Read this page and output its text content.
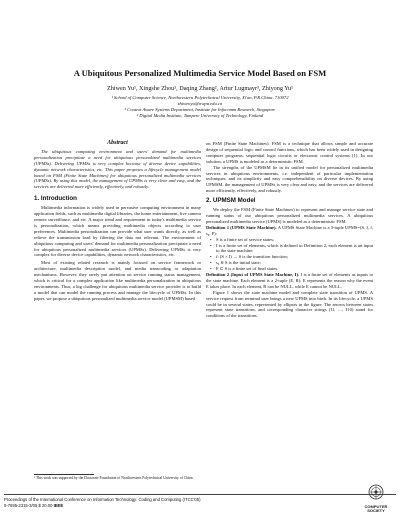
A Ubiquitous Personalized Multimedia Service Model Based on FSM
Zhiwen Yu¹, Xingshe Zhou¹, Daqing Zhang², Artur Lugmayr³, Zhiyong Yu¹
¹ School of Computer Science, Northwestern Polytechnical University, Xi'an, P.R.China, 710072
zhiwenyu@nwpu.edu.cn
² Context Aware Systems Department, Institute for Infocomm Research, Singapore
³ Digital Media Institute, Tampere University of Technology, Finland
Abstract

The ubiquitous computing environment and users' demand for multimedia personalization precipitate a need for ubiquitous personalized multimedia services (UPMSs). Delivering UPMSs is very complex because of diverse device capabilities, dynamic network characteristics, etc. This paper proposes a lifecycle management model based on FSM (Finite State Machines) for ubiquitous personalized multimedia services (UPMSs). By using this model, the management of UPMSs is very clear and easy, and the services are delivered more efficiently, effectively, and robustly.

1. Introduction

Multimedia information is widely used in pervasive computing environment in many application fields, such as multimedia digital libraries, the home entertainment, live camera remote surveillance, and etc. A major trend and requirement in today's multimedia service is personalization, which means providing multimedia objects according to user preferences. Multimedia personalization can provide what user wants directly, as well as relieve the transmission load by filtering the data not relevant. The environment of ubiquitous computing and users' demand for multimedia personalization precipitate a need for ubiquitous personalized multimedia services (UPMSs). Delivering UPMSs is very complex for diverse device capabilities, dynamic network characteristics, etc.

Most of existing related research is mainly focused on service framework or architecture, multimedia description model, and media transcoding or adaptation mechanisms. However, they rarely put attention on service running status management, which is critical for a complex application like multimedia personalization in ubiquitous environments. Thus, a big challenge for ubiquitous multimedia service provider is to build a model that can model the running process and manage the lifecycle of UPMSs. In this paper, we propose a ubiquitous personalized multimedia service model (UPMSM) based

¹ This work was supported by the Doctorate Foundation of Northwestern Polytechnical University of China.

on FSM (Finite State Machines). FSM is a technique that allows simple and accurate design of sequential logic and control functions, which has been widely used in designing computer programs, sequential logic circuits or electronic control systems [1]. In our solution, a UPMS is modeled as a deterministic FSM.

The strengths of the UPMSM lie in its unified model for personalized multimedia services in ubiquitous environments, i.e. independent of particular implementation techniques, and its simplicity and easy comprehensibility on diverse devices. By using UPMSM, the management of UPMSs is very clear and easy, and the services are delivered more efficiently, effectively, and robustly.

2. UPMSM Model

We deploy the FSM (Finite State Machines) to represent and manage service state and running status of our ubiquitous personalized multimedia services. A ubiquitous personalized multimedia service (UPMS) is modeled as a deterministic FSM.

Definition 1 (UPMS State Machine). A UPMS State Machine is a 5-tuple UPMS=(S, I, f, s₀, F):

• S is a finite set of service states;
• I is a finite set of elements, which is defined in Definition 2, each element is an input to the state machine;
• f: (S × I) → S is the transition function;
• s₀ ∈ S is the initial state;
• F ⊂ S is a finite set of final states.

Definition 2 (Input of UPMS State Machine, I). I is a finite set of elements as inputs to the state machine. Each element is a 2-tuple (E, R): E represents the reason why the event E takes place. In each element, R can be NULL, while E cannot be NULL.

Figure 1 shows the state machine model and complete state transition of UPMS. A service request from terminal user brings a new UPMS into birth. In its lifecycle, a UPMS could be in several states, represented by ellipses in the figure. The arrows between states represent state transitions, and corresponding character strings (I1, …, I10) stand for conditions of the transitions.

Proceedings of the International Conference on Information Technology: Coding and Computing (ITCC'05)
0-7695-2315-3/05 $ 20.00 IEEE	COMPUTER
SOCIETY
